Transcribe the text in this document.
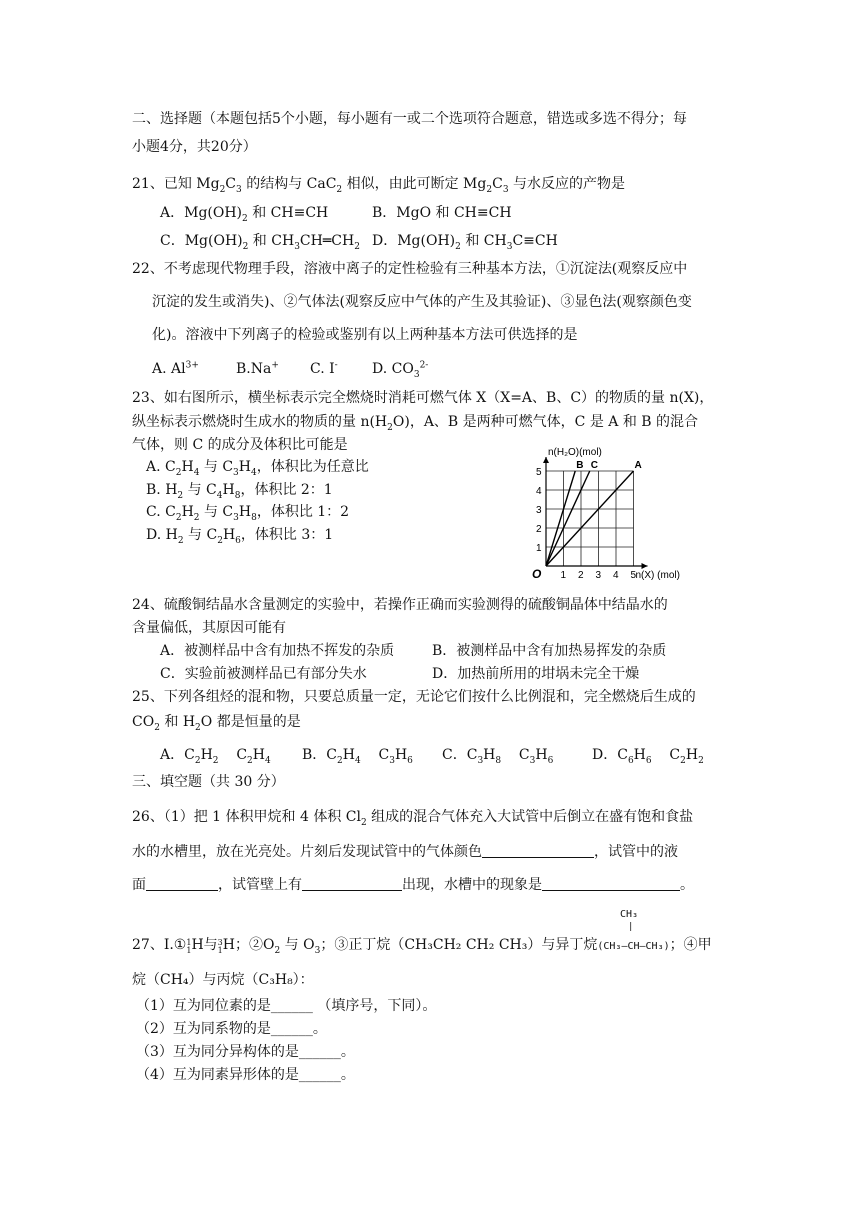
二、选择题（本题包括5个小题，每小题有一或二个选项符合题意，错选或多选不得分；每
小题4分，共20分）
21、已知 $Mg_2C_3$ 的结构与 CaC$_2$ 相似，由此可断定 $Mg_2C_3$ 与水反应的产物是
A．$Mg(OH)_2$ 和 CH≡CH	B．MgO 和 CH≡CH
C．$Mg(OH)_2$ 和 $CH_3CH═CH_2$ D．$Mg(OH)_2$ 和 $CH_3C\equiv CH$
22、不考虑现代物理手段，溶液中离子的定性检验有三种基本方法，①沉淀法(观察反应中
沉淀的发生或消失)、②气体法(观察反应中气体的产生及其验证)、③显色法(观察颜色变
化)。溶液中下列离子的检验或鉴别有以上两种基本方法可供选择的是
A. $Al^{3+}$	B.Na+ C. I- D. $CO_3^{2-}$
23、如右图所示，横坐标表示完全燃烧时消耗可燃气体 X（X=A、B、C）的物质的量 n(X)，
纵坐标表示燃烧时生成水的物质的量 $n(H_2O)$，A、B 是两种可燃气体，C 是 A 和 B 的混合
气体，则 C 的成分及体积比可能是
A. $C_2H_4$ 与 $C_3H_4$，体积比为任意比
B. $H_2$ 与 $C_4H_8$，体积比 2：1
C. $C_2H_2$ 与 $C_3H_8$，体积比 1：2
D. $H_2$ 与 $C_2H_6$，体积比 3：1
1 2 3 4 5
1
2
3
4
5
O	n(X) (mol)
n(H₂O)(mol)
A
B C
24、硫酸铜结晶水含量测定的实验中，若操作正确而实验测得的硫酸铜晶体中结晶水的
含量偏低，其原因可能有
A．被测样品中含有加热不挥发的杂质	B．被测样品中含有加热易挥发的杂质
C．实验前被测样品已有部分失水	D．加热前所用的坩埚未完全干燥
25、下列各组烃的混和物，只要总质量一定，无论它们按什么比例混和，完全燃烧后生成的
$CO_2$ 和 $H_2O$ 都是恒量的是
A．$C_2H_2$    $C_2H_4$ B．$C_2H_4$    $C_3H_6$ C．$C_3H_8$    $C_3H_6$	D．$C_6H_6$    $C_2H_2$
三、填空题（共 30 分）
26、（1）把 1 体积甲烷和 4 体积 $Cl_2$ 组成的混合气体充入大试管中后倒立在盛有饱和食盐
水的水槽里，放在光亮处。片刻后发现试管中的气体颜色	，试管中的液
面	，试管壁上有	出现，水槽中的现象是	。
CH₃
|
27、Ⅰ.① 1
1 H与 3
1 H；$②O_2$ 与 $O_3$；③正丁烷（CH₃CH₂ CH₂ CH₃）与异丁烷(CH₃—CH—CH₃)；④甲
烷（CH₄）与丙烷（C₃H₈）：
（1）互为同位素的是______ （填序号，下同）。
（2）互为同系物的是______。
（3）互为同分异构体的是______。
（4）互为同素异形体的是______。
